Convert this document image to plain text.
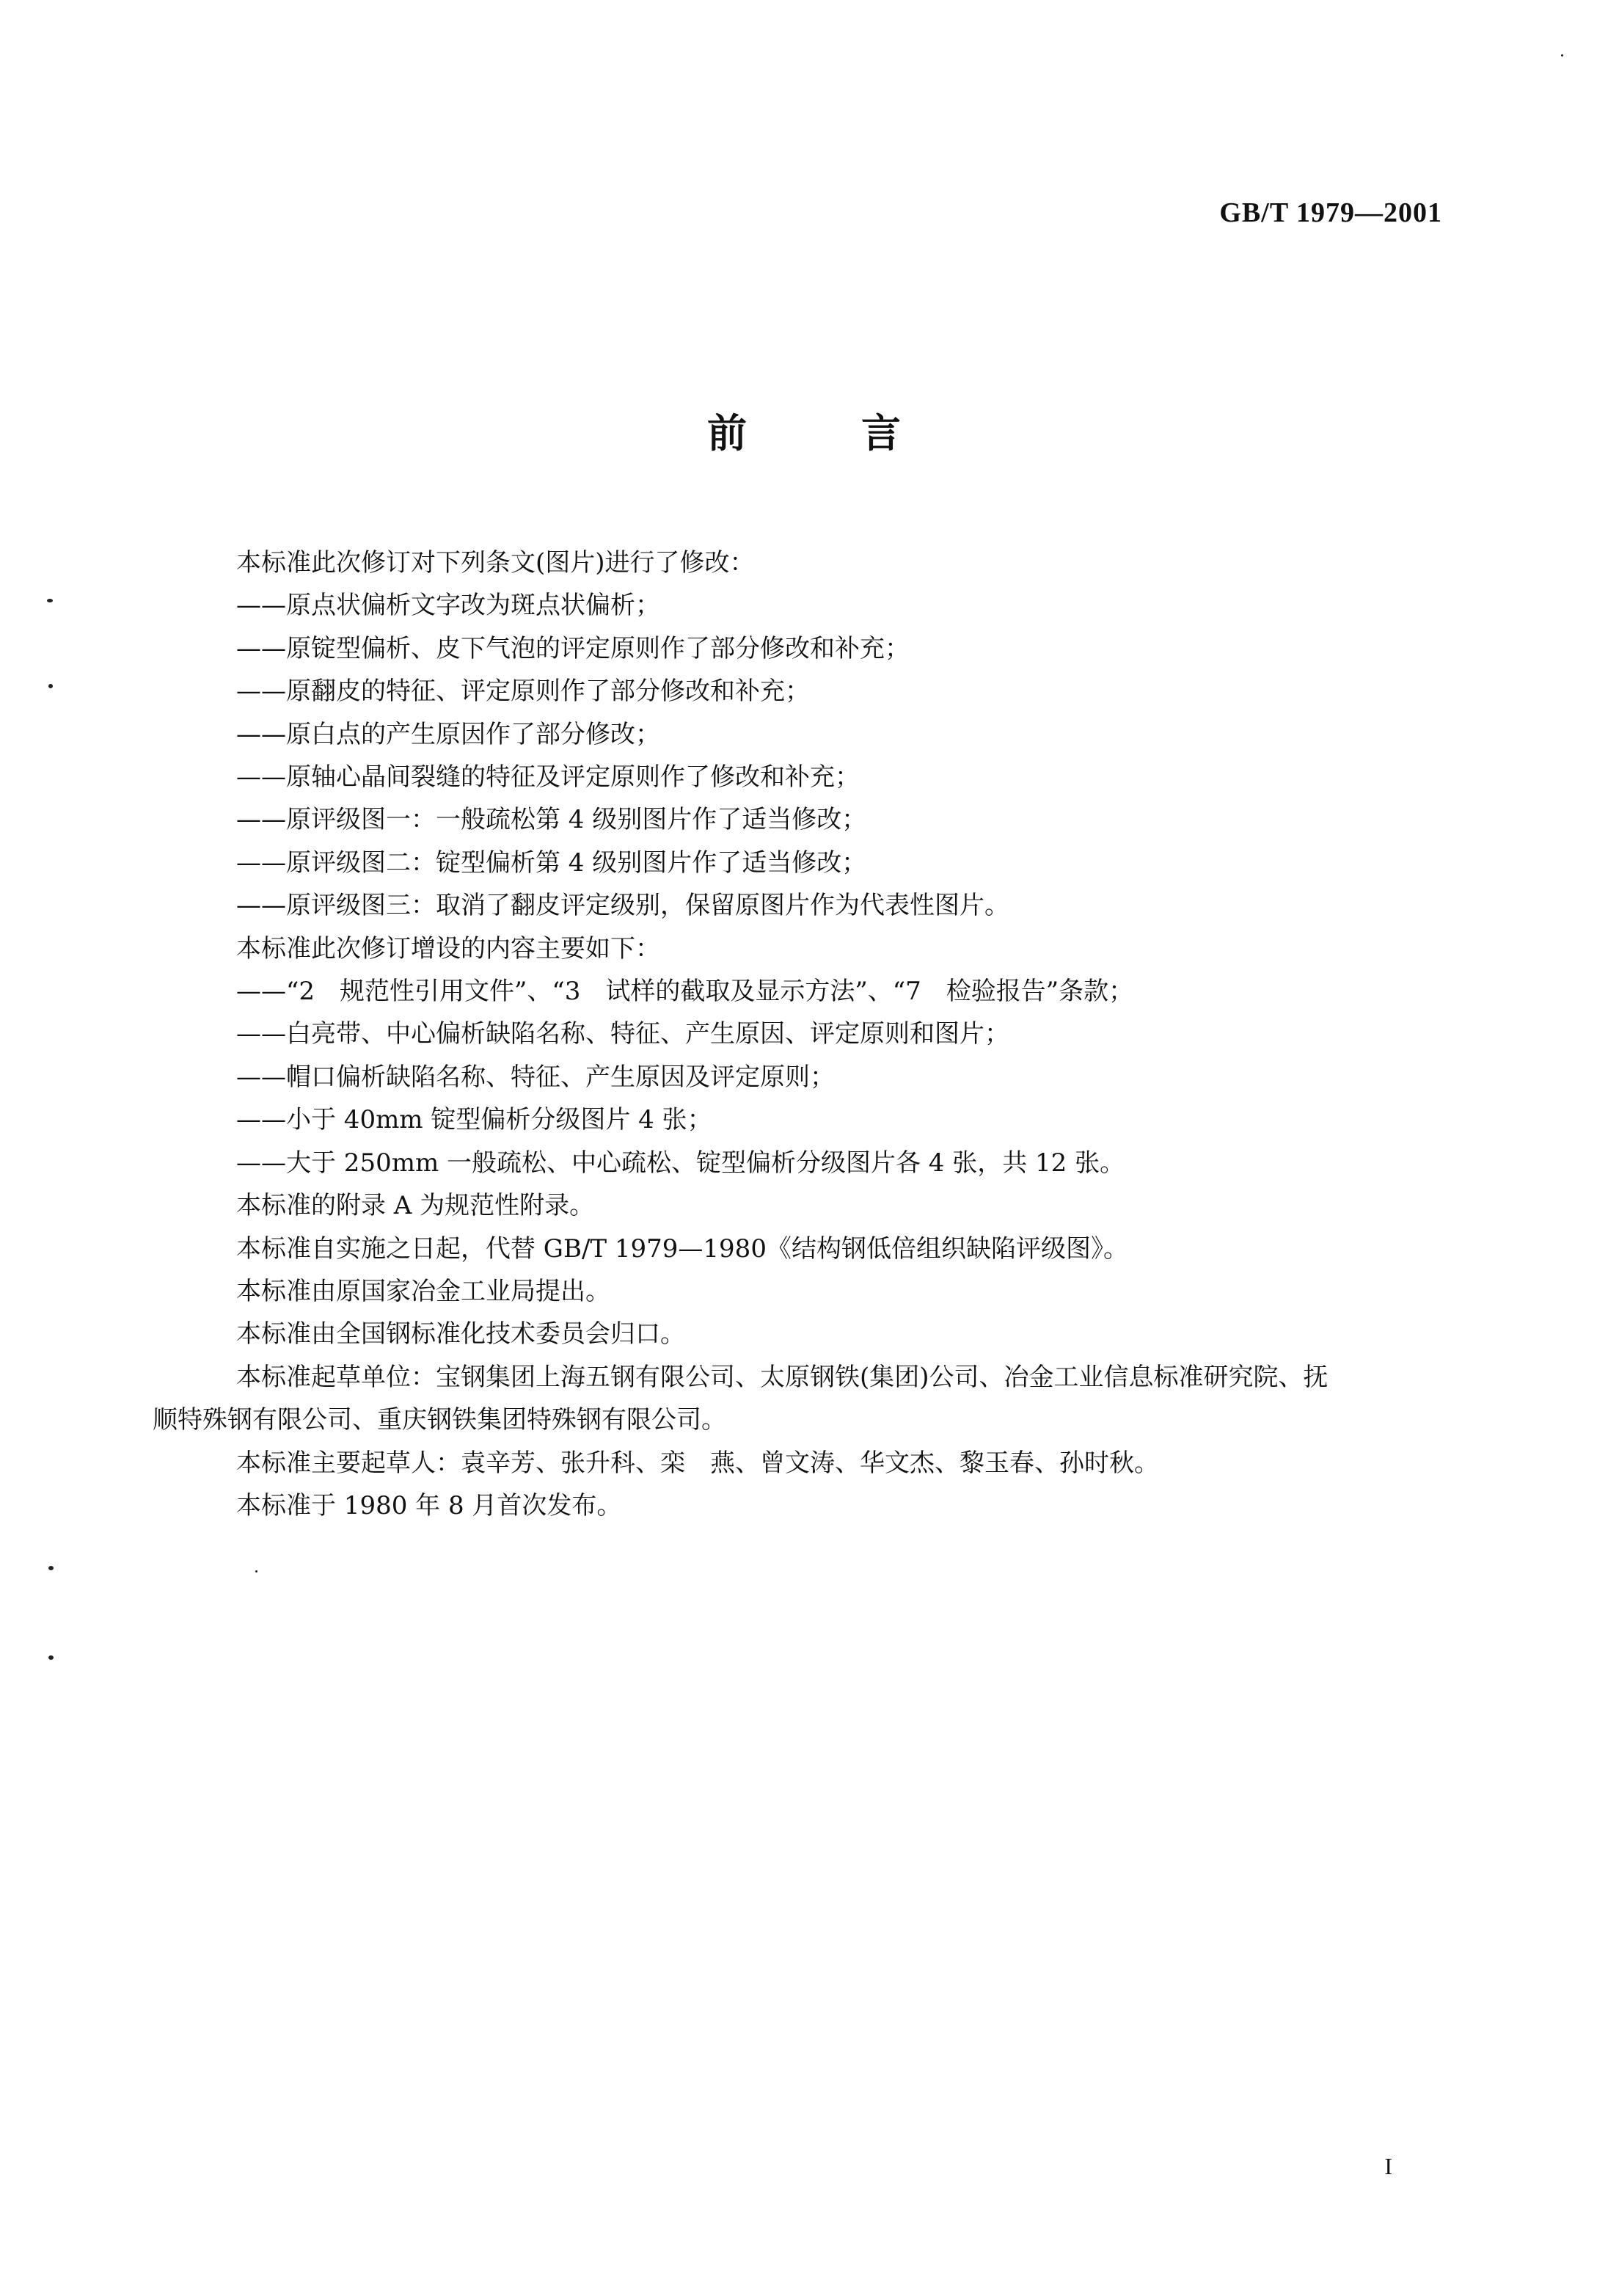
GB/T 1979—2001
前	言
本标准此次修订对下列条文(图片)进行了修改：
——原点状偏析文字改为斑点状偏析；
——原锭型偏析、皮下气泡的评定原则作了部分修改和补充；
——原翻皮的特征、评定原则作了部分修改和补充；
——原白点的产生原因作了部分修改；
——原轴心晶间裂缝的特征及评定原则作了修改和补充；
——原评级图一：一般疏松第 4 级别图片作了适当修改；
——原评级图二：锭型偏析第 4 级别图片作了适当修改；
——原评级图三：取消了翻皮评定级别，保留原图片作为代表性图片。
本标准此次修订增设的内容主要如下：
——“2　规范性引用文件”、“3　试样的截取及显示方法”、“7　检验报告”条款；
——白亮带、中心偏析缺陷名称、特征、产生原因、评定原则和图片；
——帽口偏析缺陷名称、特征、产生原因及评定原则；
——小于 40mm 锭型偏析分级图片 4 张；
——大于 250mm 一般疏松、中心疏松、锭型偏析分级图片各 4 张，共 12 张。
本标准的附录 A 为规范性附录。
本标准自实施之日起，代替 GB/T 1979—1980《结构钢低倍组织缺陷评级图》。
本标准由原国家冶金工业局提出。
本标准由全国钢标准化技术委员会归口。
本标准起草单位：宝钢集团上海五钢有限公司、太原钢铁(集团)公司、冶金工业信息标准研究院、抚
顺特殊钢有限公司、重庆钢铁集团特殊钢有限公司。
本标准主要起草人：袁辛芳、张升科、栾　燕、曾文涛、华文杰、黎玉春、孙时秋。
本标准于 1980 年 8 月首次发布。
I
